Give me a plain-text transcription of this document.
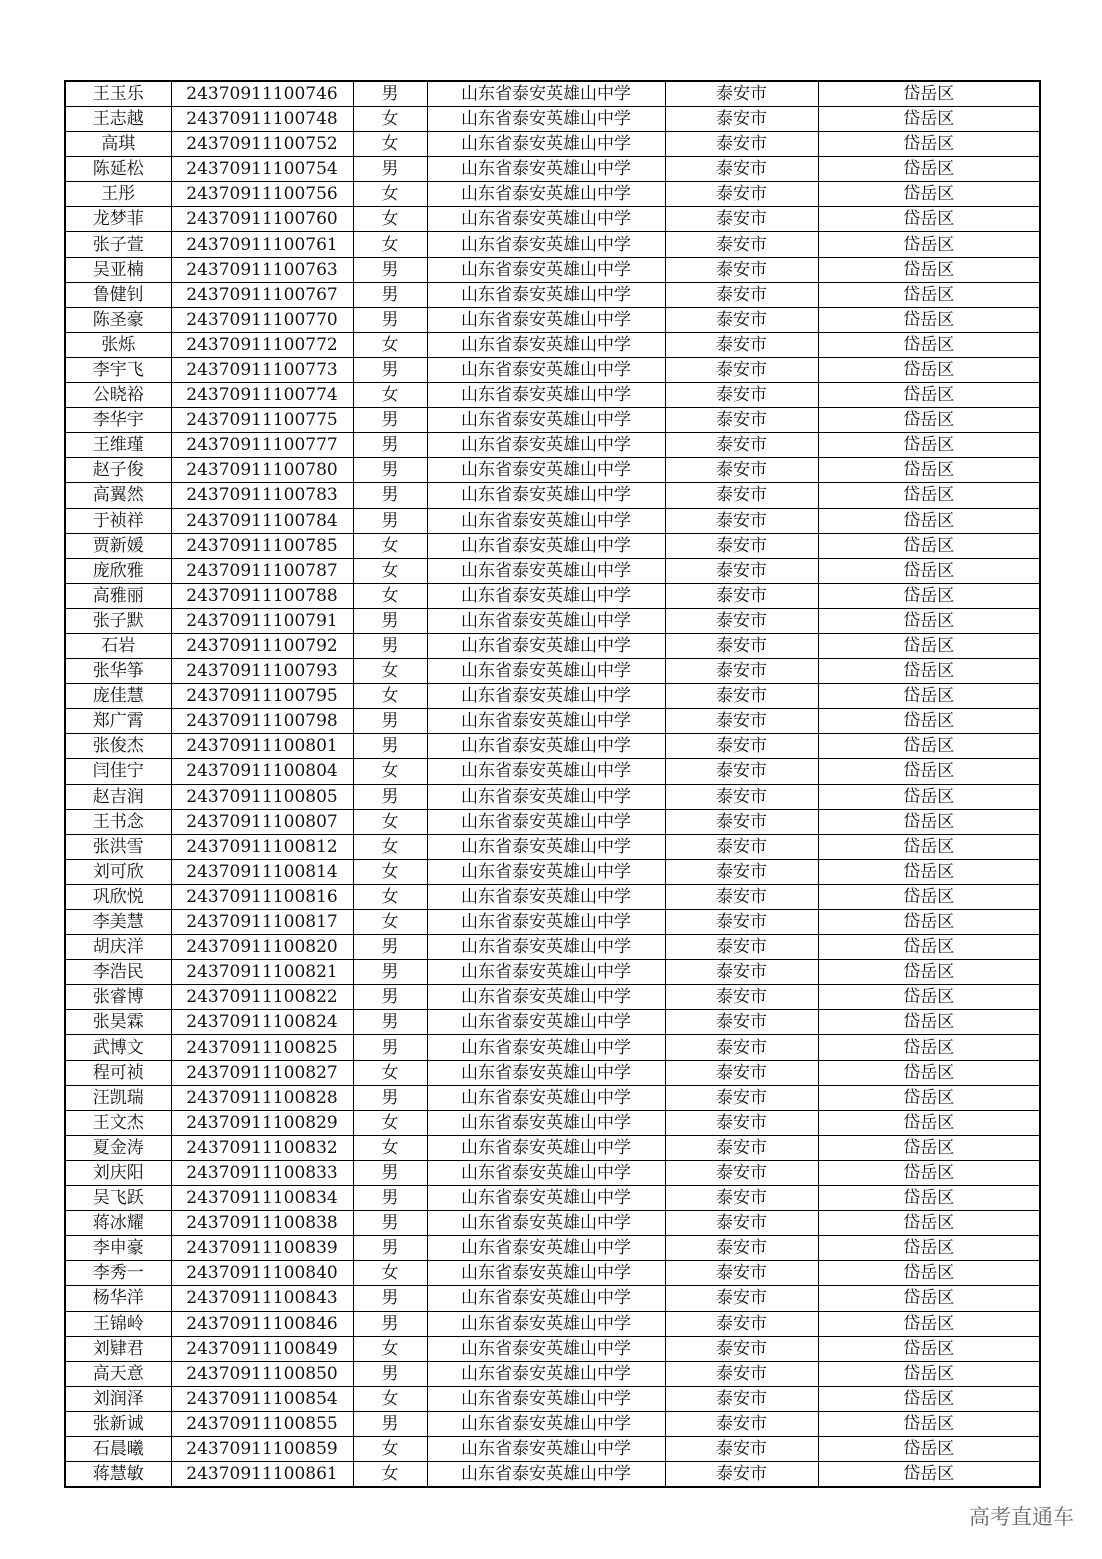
王玉乐	24370911100746	男	山东省泰安英雄山中学	泰安市	岱岳区
王志越	24370911100748	女	山东省泰安英雄山中学	泰安市	岱岳区
高琪	24370911100752	女	山东省泰安英雄山中学	泰安市	岱岳区
陈延松	24370911100754	男	山东省泰安英雄山中学	泰安市	岱岳区
王彤	24370911100756	女	山东省泰安英雄山中学	泰安市	岱岳区
龙梦菲	24370911100760	女	山东省泰安英雄山中学	泰安市	岱岳区
张子萱	24370911100761	女	山东省泰安英雄山中学	泰安市	岱岳区
吴亚楠	24370911100763	男	山东省泰安英雄山中学	泰安市	岱岳区
鲁健钊	24370911100767	男	山东省泰安英雄山中学	泰安市	岱岳区
陈圣豪	24370911100770	男	山东省泰安英雄山中学	泰安市	岱岳区
张烁	24370911100772	女	山东省泰安英雄山中学	泰安市	岱岳区
李宇飞	24370911100773	男	山东省泰安英雄山中学	泰安市	岱岳区
公晓裕	24370911100774	女	山东省泰安英雄山中学	泰安市	岱岳区
李华宇	24370911100775	男	山东省泰安英雄山中学	泰安市	岱岳区
王维瑾	24370911100777	男	山东省泰安英雄山中学	泰安市	岱岳区
赵子俊	24370911100780	男	山东省泰安英雄山中学	泰安市	岱岳区
高翼然	24370911100783	男	山东省泰安英雄山中学	泰安市	岱岳区
于祯祥	24370911100784	男	山东省泰安英雄山中学	泰安市	岱岳区
贾新媛	24370911100785	女	山东省泰安英雄山中学	泰安市	岱岳区
庞欣雅	24370911100787	女	山东省泰安英雄山中学	泰安市	岱岳区
高雅丽	24370911100788	女	山东省泰安英雄山中学	泰安市	岱岳区
张子默	24370911100791	男	山东省泰安英雄山中学	泰安市	岱岳区
石岩	24370911100792	男	山东省泰安英雄山中学	泰安市	岱岳区
张华筝	24370911100793	女	山东省泰安英雄山中学	泰安市	岱岳区
庞佳慧	24370911100795	女	山东省泰安英雄山中学	泰安市	岱岳区
郑广霄	24370911100798	男	山东省泰安英雄山中学	泰安市	岱岳区
张俊杰	24370911100801	男	山东省泰安英雄山中学	泰安市	岱岳区
闫佳宁	24370911100804	女	山东省泰安英雄山中学	泰安市	岱岳区
赵吉润	24370911100805	男	山东省泰安英雄山中学	泰安市	岱岳区
王书念	24370911100807	女	山东省泰安英雄山中学	泰安市	岱岳区
张洪雪	24370911100812	女	山东省泰安英雄山中学	泰安市	岱岳区
刘可欣	24370911100814	女	山东省泰安英雄山中学	泰安市	岱岳区
巩欣悦	24370911100816	女	山东省泰安英雄山中学	泰安市	岱岳区
李美慧	24370911100817	女	山东省泰安英雄山中学	泰安市	岱岳区
胡庆洋	24370911100820	男	山东省泰安英雄山中学	泰安市	岱岳区
李浩民	24370911100821	男	山东省泰安英雄山中学	泰安市	岱岳区
张睿博	24370911100822	男	山东省泰安英雄山中学	泰安市	岱岳区
张昊霖	24370911100824	男	山东省泰安英雄山中学	泰安市	岱岳区
武博文	24370911100825	男	山东省泰安英雄山中学	泰安市	岱岳区
程可祯	24370911100827	女	山东省泰安英雄山中学	泰安市	岱岳区
汪凯瑞	24370911100828	男	山东省泰安英雄山中学	泰安市	岱岳区
王文杰	24370911100829	女	山东省泰安英雄山中学	泰安市	岱岳区
夏金涛	24370911100832	女	山东省泰安英雄山中学	泰安市	岱岳区
刘庆阳	24370911100833	男	山东省泰安英雄山中学	泰安市	岱岳区
吴飞跃	24370911100834	男	山东省泰安英雄山中学	泰安市	岱岳区
蒋冰耀	24370911100838	男	山东省泰安英雄山中学	泰安市	岱岳区
李申豪	24370911100839	男	山东省泰安英雄山中学	泰安市	岱岳区
李秀一	24370911100840	女	山东省泰安英雄山中学	泰安市	岱岳区
杨华洋	24370911100843	男	山东省泰安英雄山中学	泰安市	岱岳区
王锦岭	24370911100846	男	山东省泰安英雄山中学	泰安市	岱岳区
刘肄君	24370911100849	女	山东省泰安英雄山中学	泰安市	岱岳区
高天意	24370911100850	男	山东省泰安英雄山中学	泰安市	岱岳区
刘润泽	24370911100854	女	山东省泰安英雄山中学	泰安市	岱岳区
张新诚	24370911100855	男	山东省泰安英雄山中学	泰安市	岱岳区
石晨曦	24370911100859	女	山东省泰安英雄山中学	泰安市	岱岳区
蒋慧敏	24370911100861	女	山东省泰安英雄山中学	泰安市	岱岳区
高考直通车
